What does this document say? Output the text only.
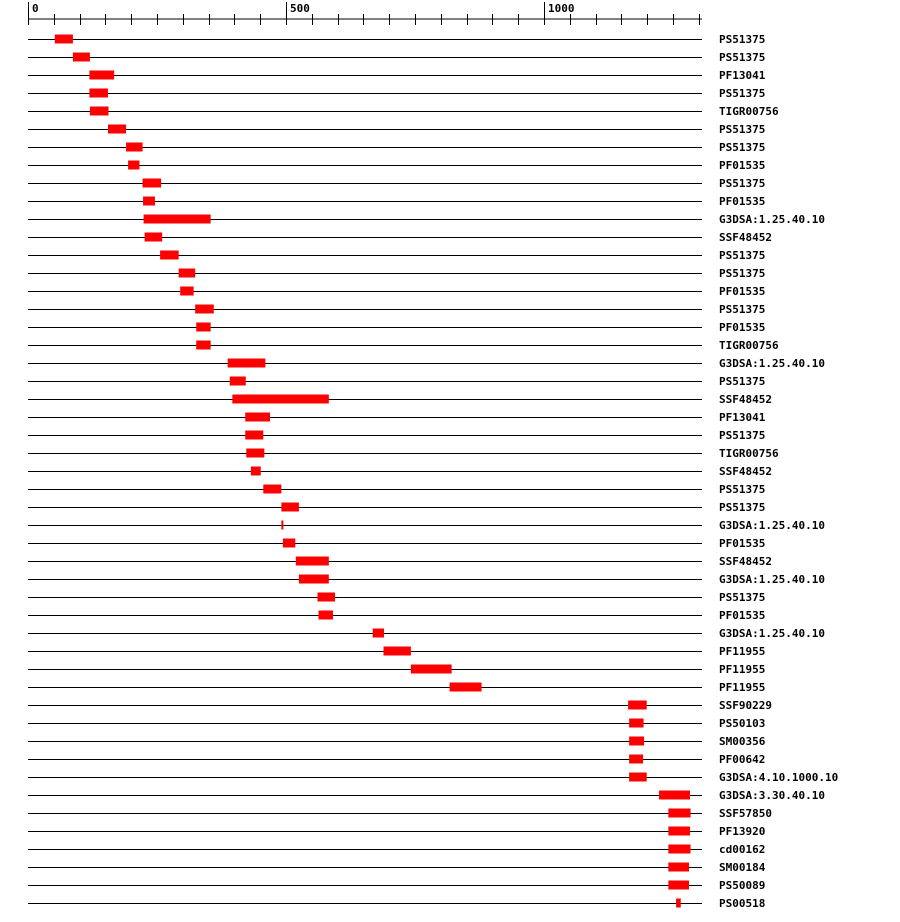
0	500	1000
PS51375
PS51375
PF13041
PS51375
TIGR00756
PS51375
PS51375
PF01535
PS51375
PF01535
G3DSA:1.25.40.10
SSF48452
PS51375
PS51375
PF01535
PS51375
PF01535
TIGR00756
G3DSA:1.25.40.10
PS51375
SSF48452
PF13041
PS51375
TIGR00756
SSF48452
PS51375
PS51375
G3DSA:1.25.40.10
PF01535
SSF48452
G3DSA:1.25.40.10
PS51375
PF01535
G3DSA:1.25.40.10
PF11955
PF11955
PF11955
SSF90229
PS50103
SM00356
PF00642
G3DSA:4.10.1000.10
G3DSA:3.30.40.10
SSF57850
PF13920
cd00162
SM00184
PS50089
PS00518
